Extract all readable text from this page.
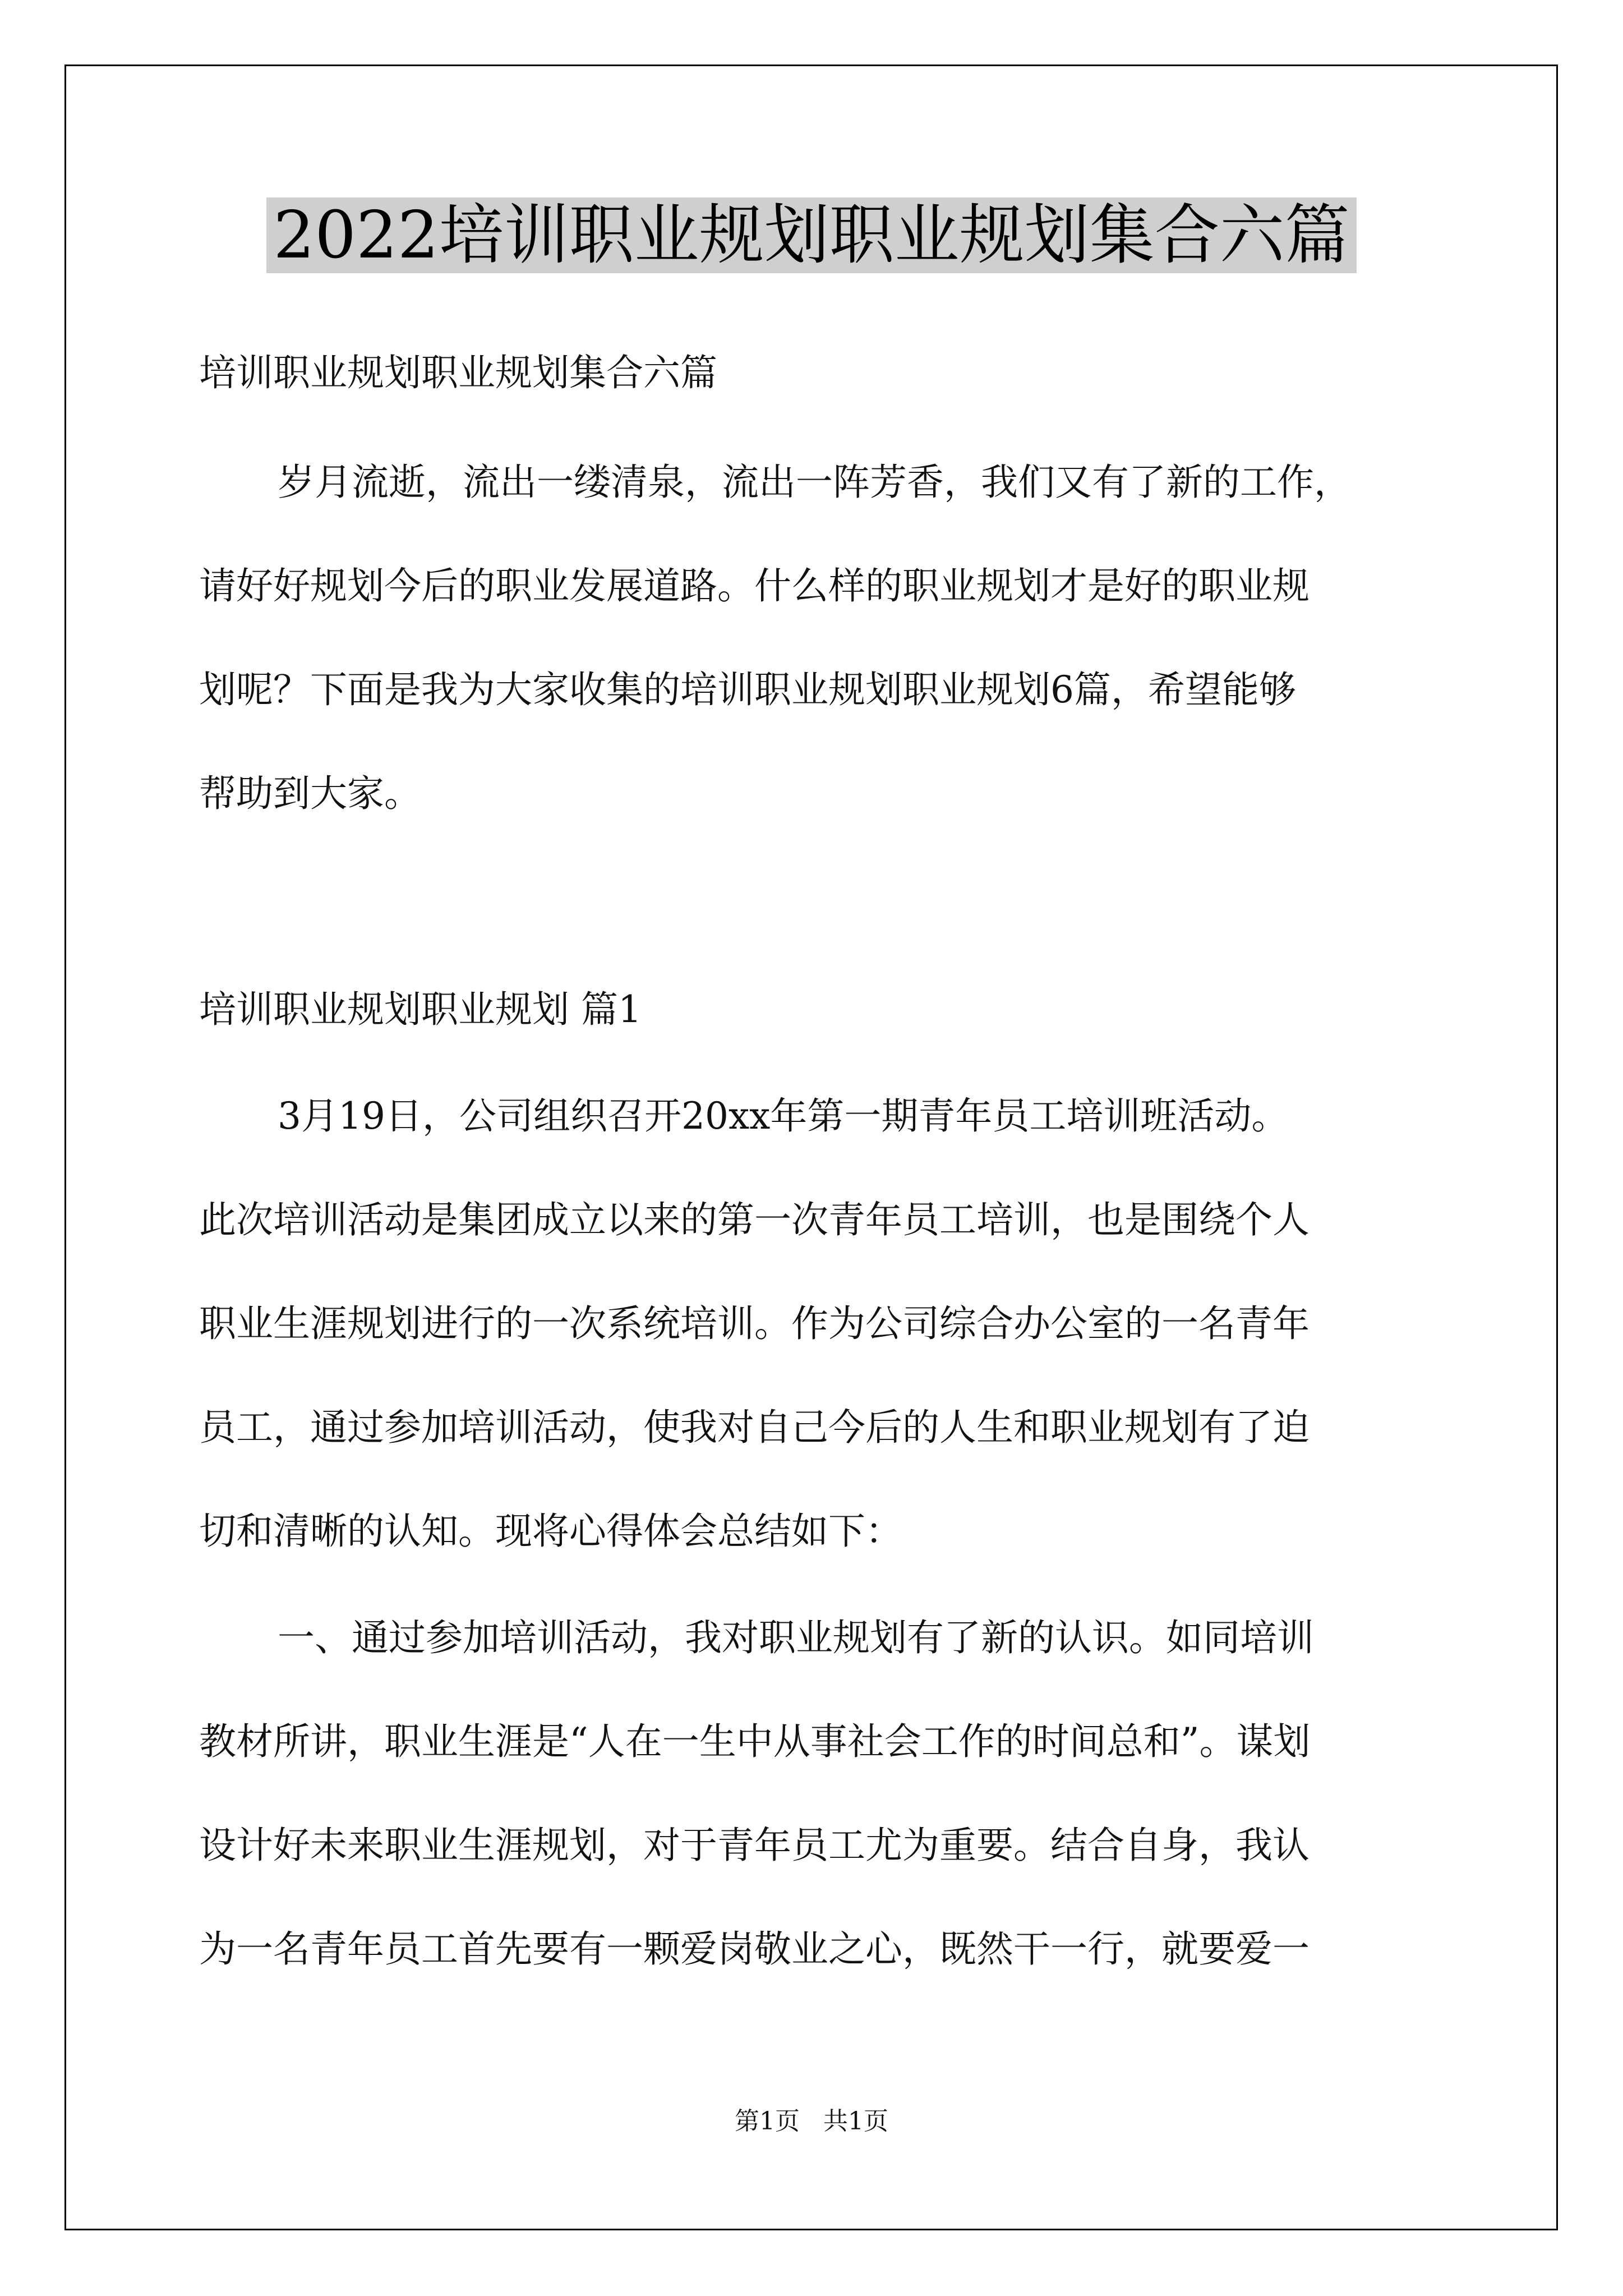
2022培训职业规划职业规划集合六篇
培训职业规划职业规划集合六篇
岁月流逝，流出一缕清泉，流出一阵芳香，我们又有了新的工作，
请好好规划今后的职业发展道路。什么样的职业规划才是好的职业规
划呢？下面是我为大家收集的培训职业规划职业规划6篇，希望能够
帮助到大家。
培训职业规划职业规划 篇1
3月19日，公司组织召开20xx年第一期青年员工培训班活动。
此次培训活动是集团成立以来的第一次青年员工培训，也是围绕个人
职业生涯规划进行的一次系统培训。作为公司综合办公室的一名青年
员工，通过参加培训活动，使我对自己今后的人生和职业规划有了迫
切和清晰的认知。现将心得体会总结如下：
一、通过参加培训活动，我对职业规划有了新的认识。如同培训
教材所讲，职业生涯是“人在一生中从事社会工作的时间总和”。谋划
设计好未来职业生涯规划，对于青年员工尤为重要。结合自身，我认
为一名青年员工首先要有一颗爱岗敬业之心，既然干一行，就要爱一
第1页 共1页
